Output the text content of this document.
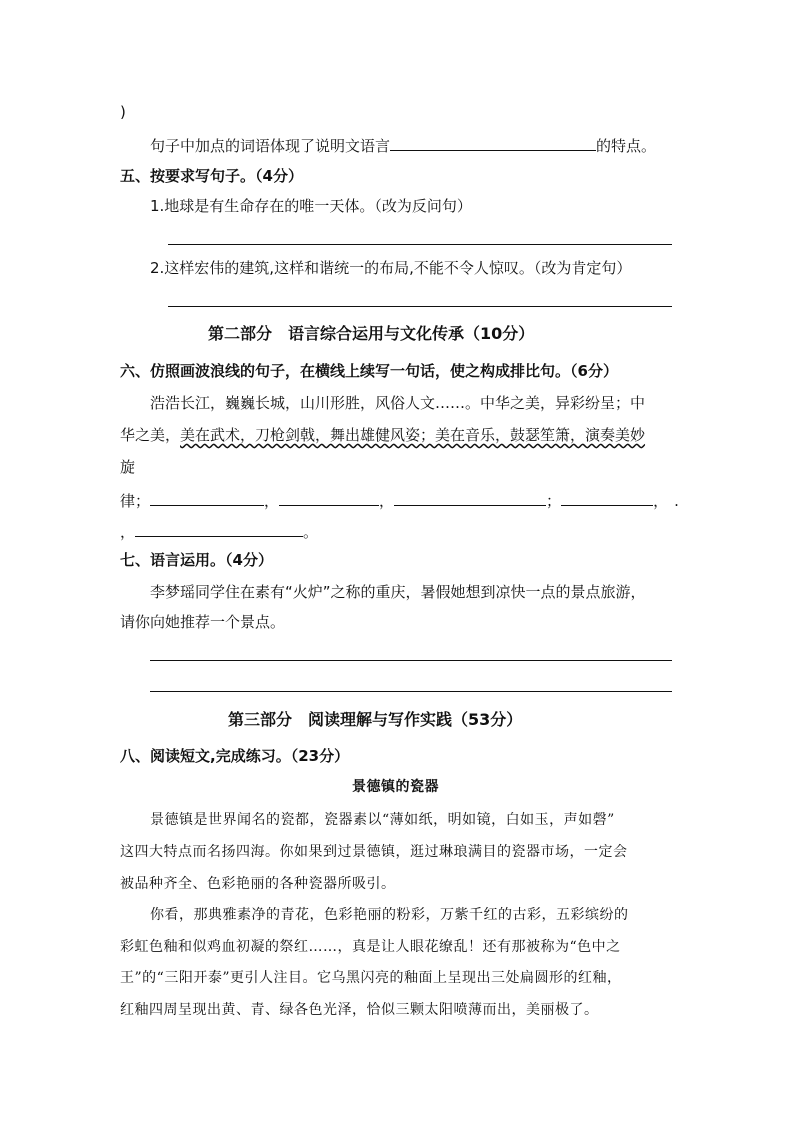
)
句子中加点的词语体现了说明文语言	的特点。
五、按要求写句子。（4分）
1.地球是有生命存在的唯一天体。（改为反问句）
2.这样宏伟的建筑,这样和谐统一的布局,不能不令人惊叹。（改为肯定句）
第二部分　语言综合运用与文化传承（10分）
六、仿照画波浪线的句子，在横线上续写一句话，使之构成排比句。（6分）
浩浩长江，巍巍长城，山川形胜，风俗人文……。中华之美，异彩纷呈；中
华之美，美在武术，刀枪剑戟，舞出雄健风姿；美在音乐，鼓瑟笙箫，演奏美妙
旋
律；	，	，	；	， .
，	。
七、语言运用。（4分）
李梦瑶同学住在素有“火炉”之称的重庆，暑假她想到凉快一点的景点旅游，
请你向她推荐一个景点。
第三部分　阅读理解与写作实践（53分）
八、阅读短文,完成练习。（23分）
景德镇的瓷器
景德镇是世界闻名的瓷都，瓷器素以“薄如纸，明如镜，白如玉，声如磬”
这四大特点而名扬四海。你如果到过景德镇，逛过琳琅满目的瓷器市场，一定会
被品种齐全、色彩艳丽的各种瓷器所吸引。
你看，那典雅素净的青花，色彩艳丽的粉彩，万紫千红的古彩，五彩缤纷的
彩虹色釉和似鸡血初凝的祭红……，真是让人眼花缭乱！还有那被称为“色中之
王”的“三阳开泰”更引人注目。它乌黑闪亮的釉面上呈现出三处扁圆形的红釉，
红釉四周呈现出黄、青、绿各色光泽，恰似三颗太阳喷薄而出，美丽极了。
